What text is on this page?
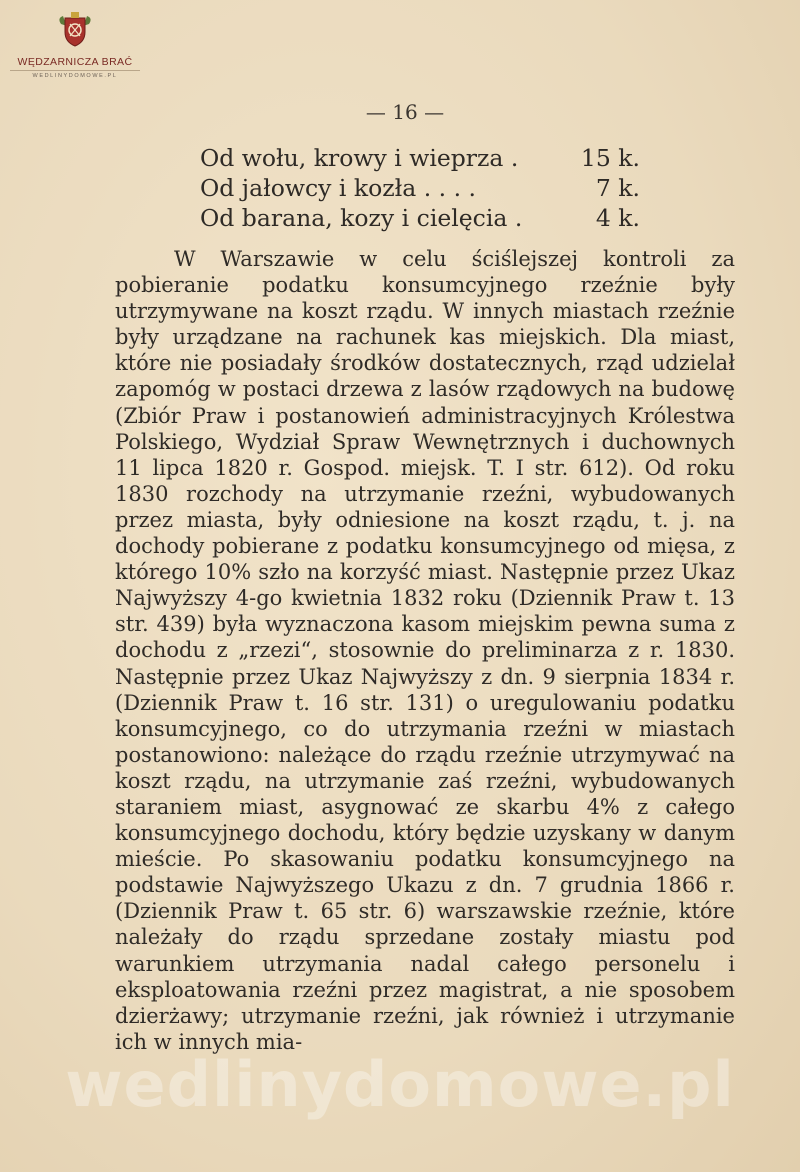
WĘDZARNICZA BRAĆ
WEDLINYDOMOWE.PL
— 16 —
Od wołu, krowy i wieprza .	15 k.
Od jałowcy i kozła . . . .	7 k.
Od barana, kozy i cielęcia .	4 k.

W Warszawie w celu ściślejszej kontroli za pobieranie podatku konsumcyjnego rzeźnie były utrzymywane na koszt rządu. W innych miastach rzeźnie były urządzane na rachunek kas miejskich. Dla miast, które nie posiadały środków dostatecznych, rząd udzielał zapomóg w postaci drzewa z lasów rządowych na budowę (Zbiór Praw i postanowień administracyjnych Królestwa Polskiego, Wydział Spraw Wewnętrznych i duchownych 11 lipca 1820 r. Gospod. miejsk. T. I str. 612). Od roku 1830 rozchody na utrzymanie rzeźni, wybudowanych przez miasta, były odniesione na koszt rządu, t. j. na dochody pobierane z podatku konsumcyjnego od mięsa, z którego 10% szło na korzyść miast. Następnie przez Ukaz Najwyższy 4-go kwietnia 1832 roku (Dziennik Praw t. 13 str. 439) była wyznaczona kasom miejskim pewna suma z dochodu z „rzezi“, stosownie do preliminarza z r. 1830. Następnie przez Ukaz Najwyższy z dn. 9 sierpnia 1834 r. (Dziennik Praw t. 16 str. 131) o uregulowaniu podatku konsumcyjnego, co do utrzymania rzeźni w miastach postanowiono: należące do rządu rzeźnie utrzymywać na koszt rządu, na utrzymanie zaś rzeźni, wybudowanych staraniem miast, asygnować ze skarbu 4% z całego konsumcyjnego dochodu, który będzie uzyskany w danym mieście. Po skasowaniu podatku konsumcyjnego na podstawie Najwyższego Ukazu z dn. 7 grudnia 1866 r. (Dziennik Praw t. 65 str. 6) warszawskie rzeźnie, które należały do rządu sprzedane zostały miastu pod warunkiem utrzymania nadal całego personelu i eksploatowania rzeźni przez magistrat, a nie sposobem dzierżawy; utrzymanie rzeźni, jak również i utrzymanie ich w innych mia-

wedlinydomowe.pl
